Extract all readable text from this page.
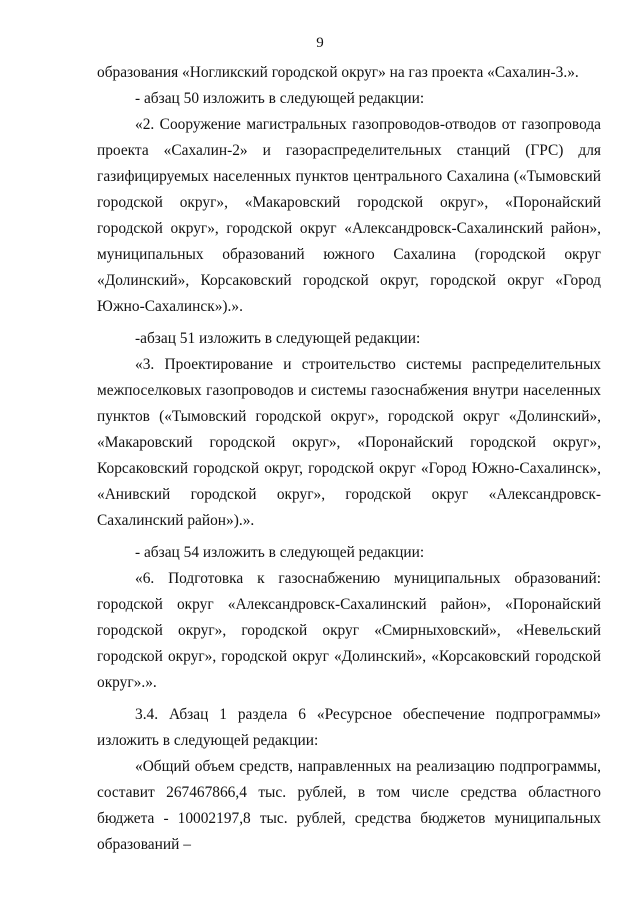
9

образования «Ногликский городской округ» на газ проекта «Сахалин-3.».

- абзац 50 изложить в следующей редакции:

«2. Сооружение магистральных газопроводов-отводов от газопровода проекта «Сахалин-2» и газораспределительных станций (ГРС) для газифицируемых населенных пунктов центрального Сахалина («Тымовский городской округ», «Макаровский городской округ», «Поронайский городской округ», городской округ «Александровск-Сахалинский район», муниципальных образований южного Сахалина (городской округ «Долинский», Корсаковский городской округ, городской округ «Город Южно-Сахалинск»).».

-абзац 51 изложить в следующей редакции:

«3. Проектирование и строительство системы распределительных межпоселковых газопроводов и системы газоснабжения внутри населенных пунктов («Тымовский городской округ», городской округ «Долинский», «Макаровский городской округ», «Поронайский городской округ», Корсаковский городской округ, городской округ «Город Южно-Сахалинск», «Анивский городской округ», городской округ «Александровск-Сахалинский район»).».

- абзац 54 изложить в следующей редакции:

«6. Подготовка к газоснабжению муниципальных образований: городской округ «Александровск-Сахалинский район», «Поронайский городской округ», городской округ «Смирныховский», «Невельский городской округ», городской округ «Долинский», «Корсаковский городской округ».».

3.4. Абзац 1 раздела 6 «Ресурсное обеспечение подпрограммы» изложить в следующей редакции:

«Общий объем средств, направленных на реализацию подпрограммы, составит 267467866,4 тыс. рублей, в том числе средства областного бюджета - 10002197,8 тыс. рублей, средства бюджетов муниципальных образований –
